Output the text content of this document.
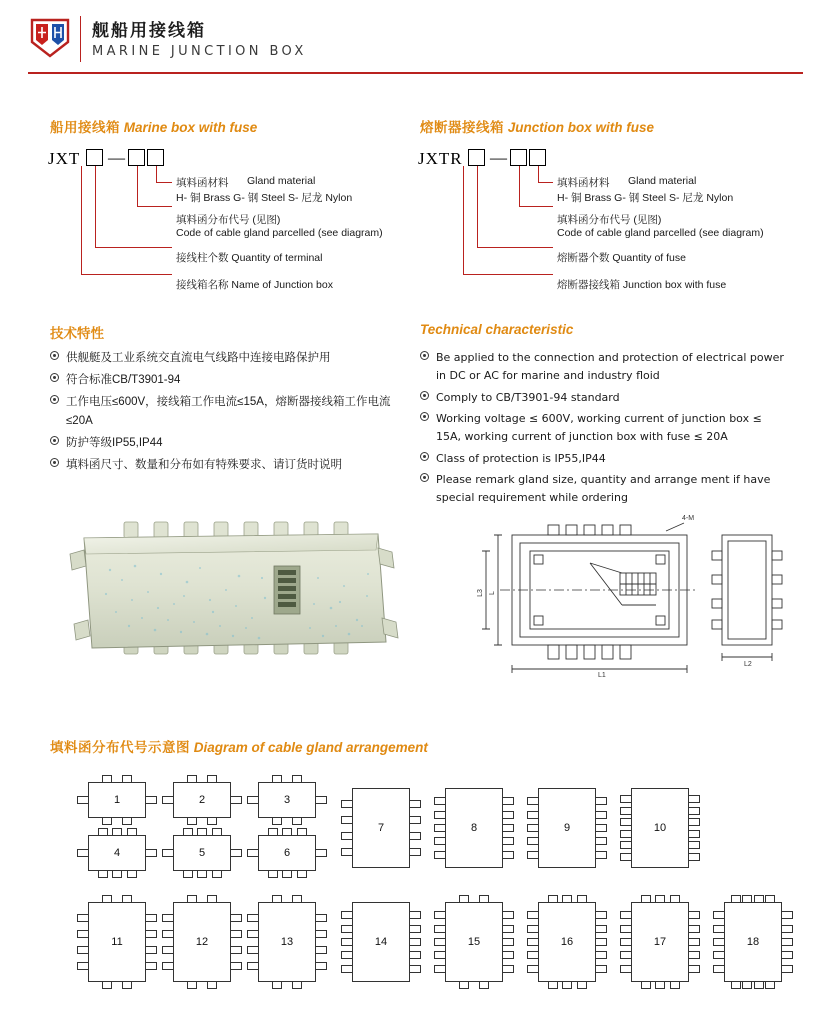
舰船用接线箱
MARINE JUNCTION BOX
船用接线箱 Marine box with fuse
JXT —
填料函材料 Gland material
H- 铜 Brass G- 钢 Steel S- 尼龙 Nylon
填料函分布代号 (见图)
Code of cable gland parcelled (see diagram)
接线柱个数 Quantity of terminal
接线箱名称 Name of Junction box
熔断器接线箱 Junction box with fuse
JXTR —
填料函材料 Gland material
H- 铜 Brass G- 钢 Steel S- 尼龙 Nylon
填料函分布代号 (见图)
Code of cable gland parcelled (see diagram)
熔断器个数 Quantity of fuse
熔断器接线箱 Junction box with fuse
技术特性
供舰艇及工业系统交直流电气线路中连接电路保护用
符合标准CB/T3901-94
工作电压≤600V，接线箱工作电流≤15A，熔断器接线箱工作电流≤20A
防护等级IP55,IP44
填料函尺寸、数量和分布如有特殊要求、请订货时说明
Technical characteristic
Be applied to the connection and protection of electrical power in DC or AC for marine and industry floid
Comply to CB/T3901-94 standard
Working voltage ≤ 600V, working current of junction box ≤ 15A, working current of junction box with fuse ≤ 20A
Class of protection is IP55,IP44
Please remark gland size, quantity and arrange ment if have special requirement while ordering
L3 L
L1
L2
4-M
填料函分布代号示意图 Diagram of cable gland arrangement
1	2	3
4	5	6
7	8	9	10
11	12	13	14	15	16	17	18
